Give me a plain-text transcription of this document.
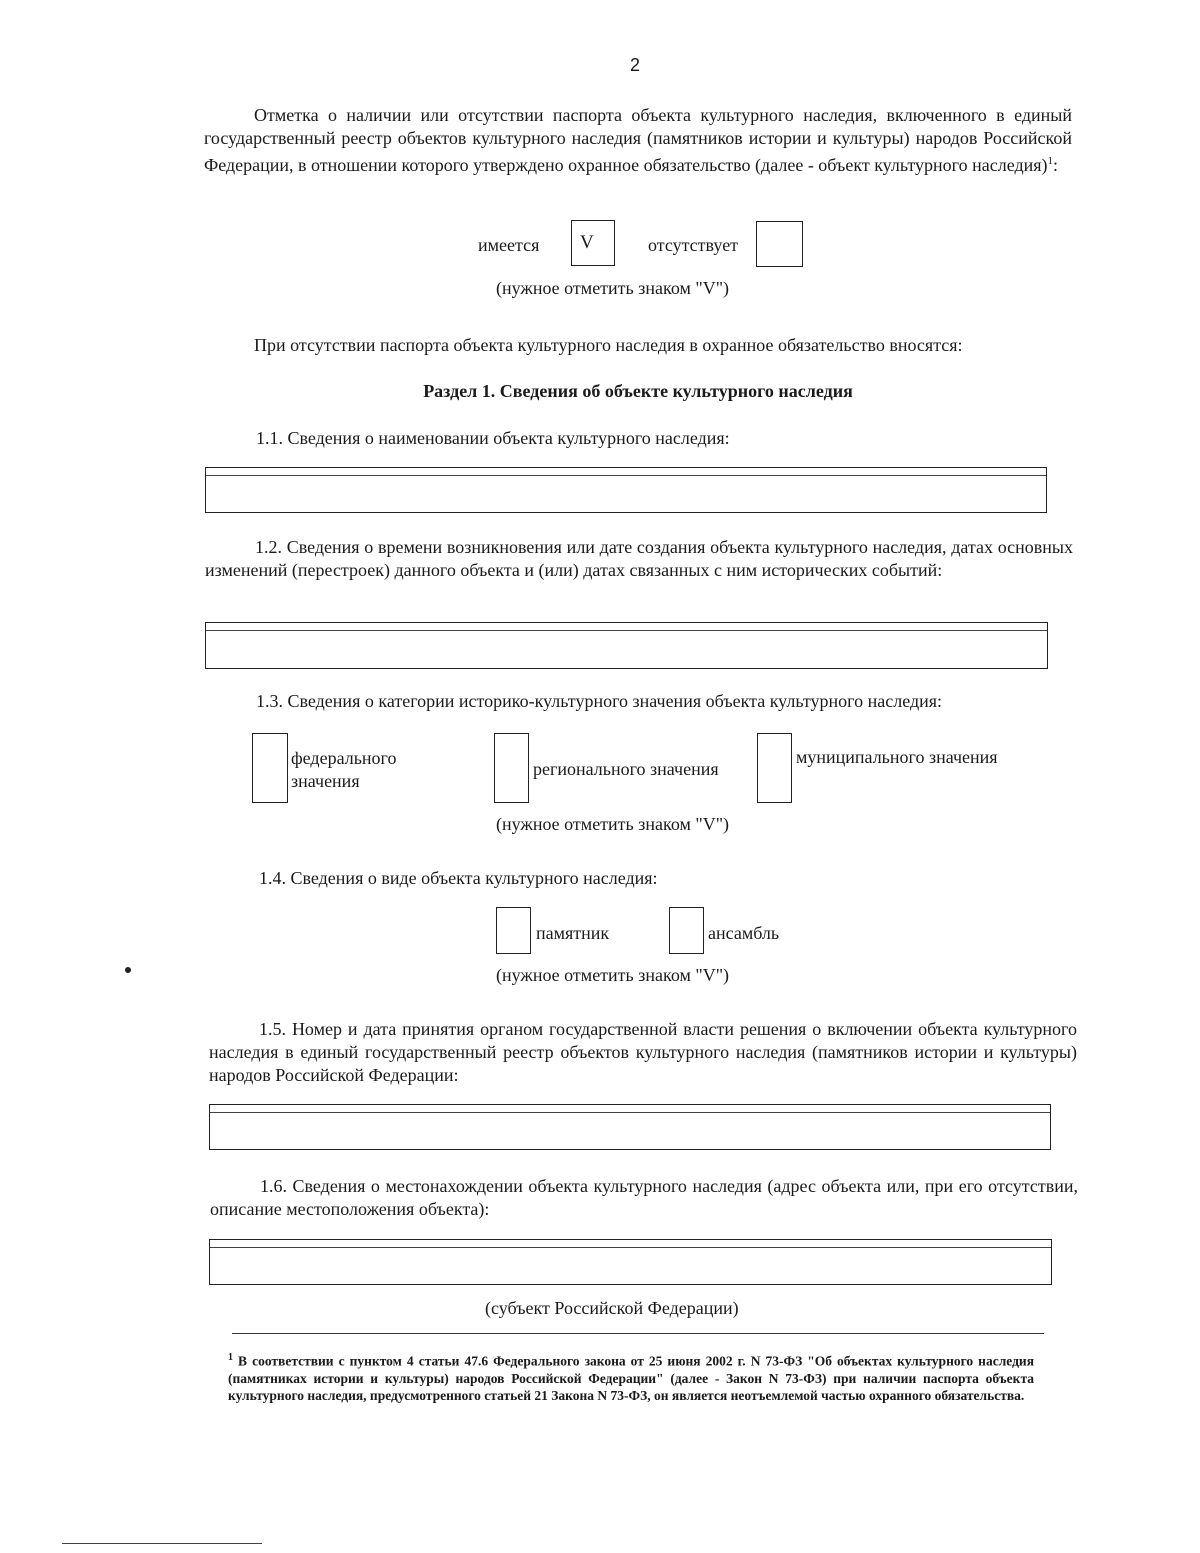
2
Отметка о наличии или отсутствии паспорта объекта культурного наследия, включенного в единый государственный реестр объектов культурного наследия (памятников истории и культуры) народов Российской Федерации, в отношении которого утверждено охранное обязательство (далее - объект культурного наследия)$^1$:
имеется V	отсутствует
(нужное отметить знаком "V")
При отсутствии паспорта объекта культурного наследия в охранное обязательство вносятся:
Раздел 1. Сведения об объекте культурного наследия
1.1. Сведения о наименовании объекта культурного наследия:
1.2. Сведения о времени возникновения или дате создания объекта культурного наследия, датах основных изменений (перестроек) данного объекта и (или) датах связанных с ним исторических событий:
1.3. Сведения о категории историко-культурного значения объекта культурного наследия:
федерального
значения
регионального значения
муниципального значения
(нужное отметить знаком "V")
1.4. Сведения о виде объекта культурного наследия:
памятник	ансамбль
(нужное отметить знаком "V")
1.5. Номер и дата принятия органом государственной власти решения о включении объекта культурного наследия в единый государственный реестр объектов культурного наследия (памятников истории и культуры) народов Российской Федерации:
1.6. Сведения о местонахождении объекта культурного наследия (адрес объекта или, при его отсутствии, описание местоположения объекта):
(субъект Российской Федерации)
$^1$ В соответствии с пунктом 4 статьи 47.6 Федерального закона от 25 июня 2002 г. N 73-ФЗ "Об объектах культурного наследия (памятниках истории и культуры) народов Российской Федерации" (далее - Закон N 73-ФЗ) при наличии паспорта объекта культурного наследия, предусмотренного статьей 21 Закона N 73-ФЗ, он является неотъемлемой частью охранного обязательства.
